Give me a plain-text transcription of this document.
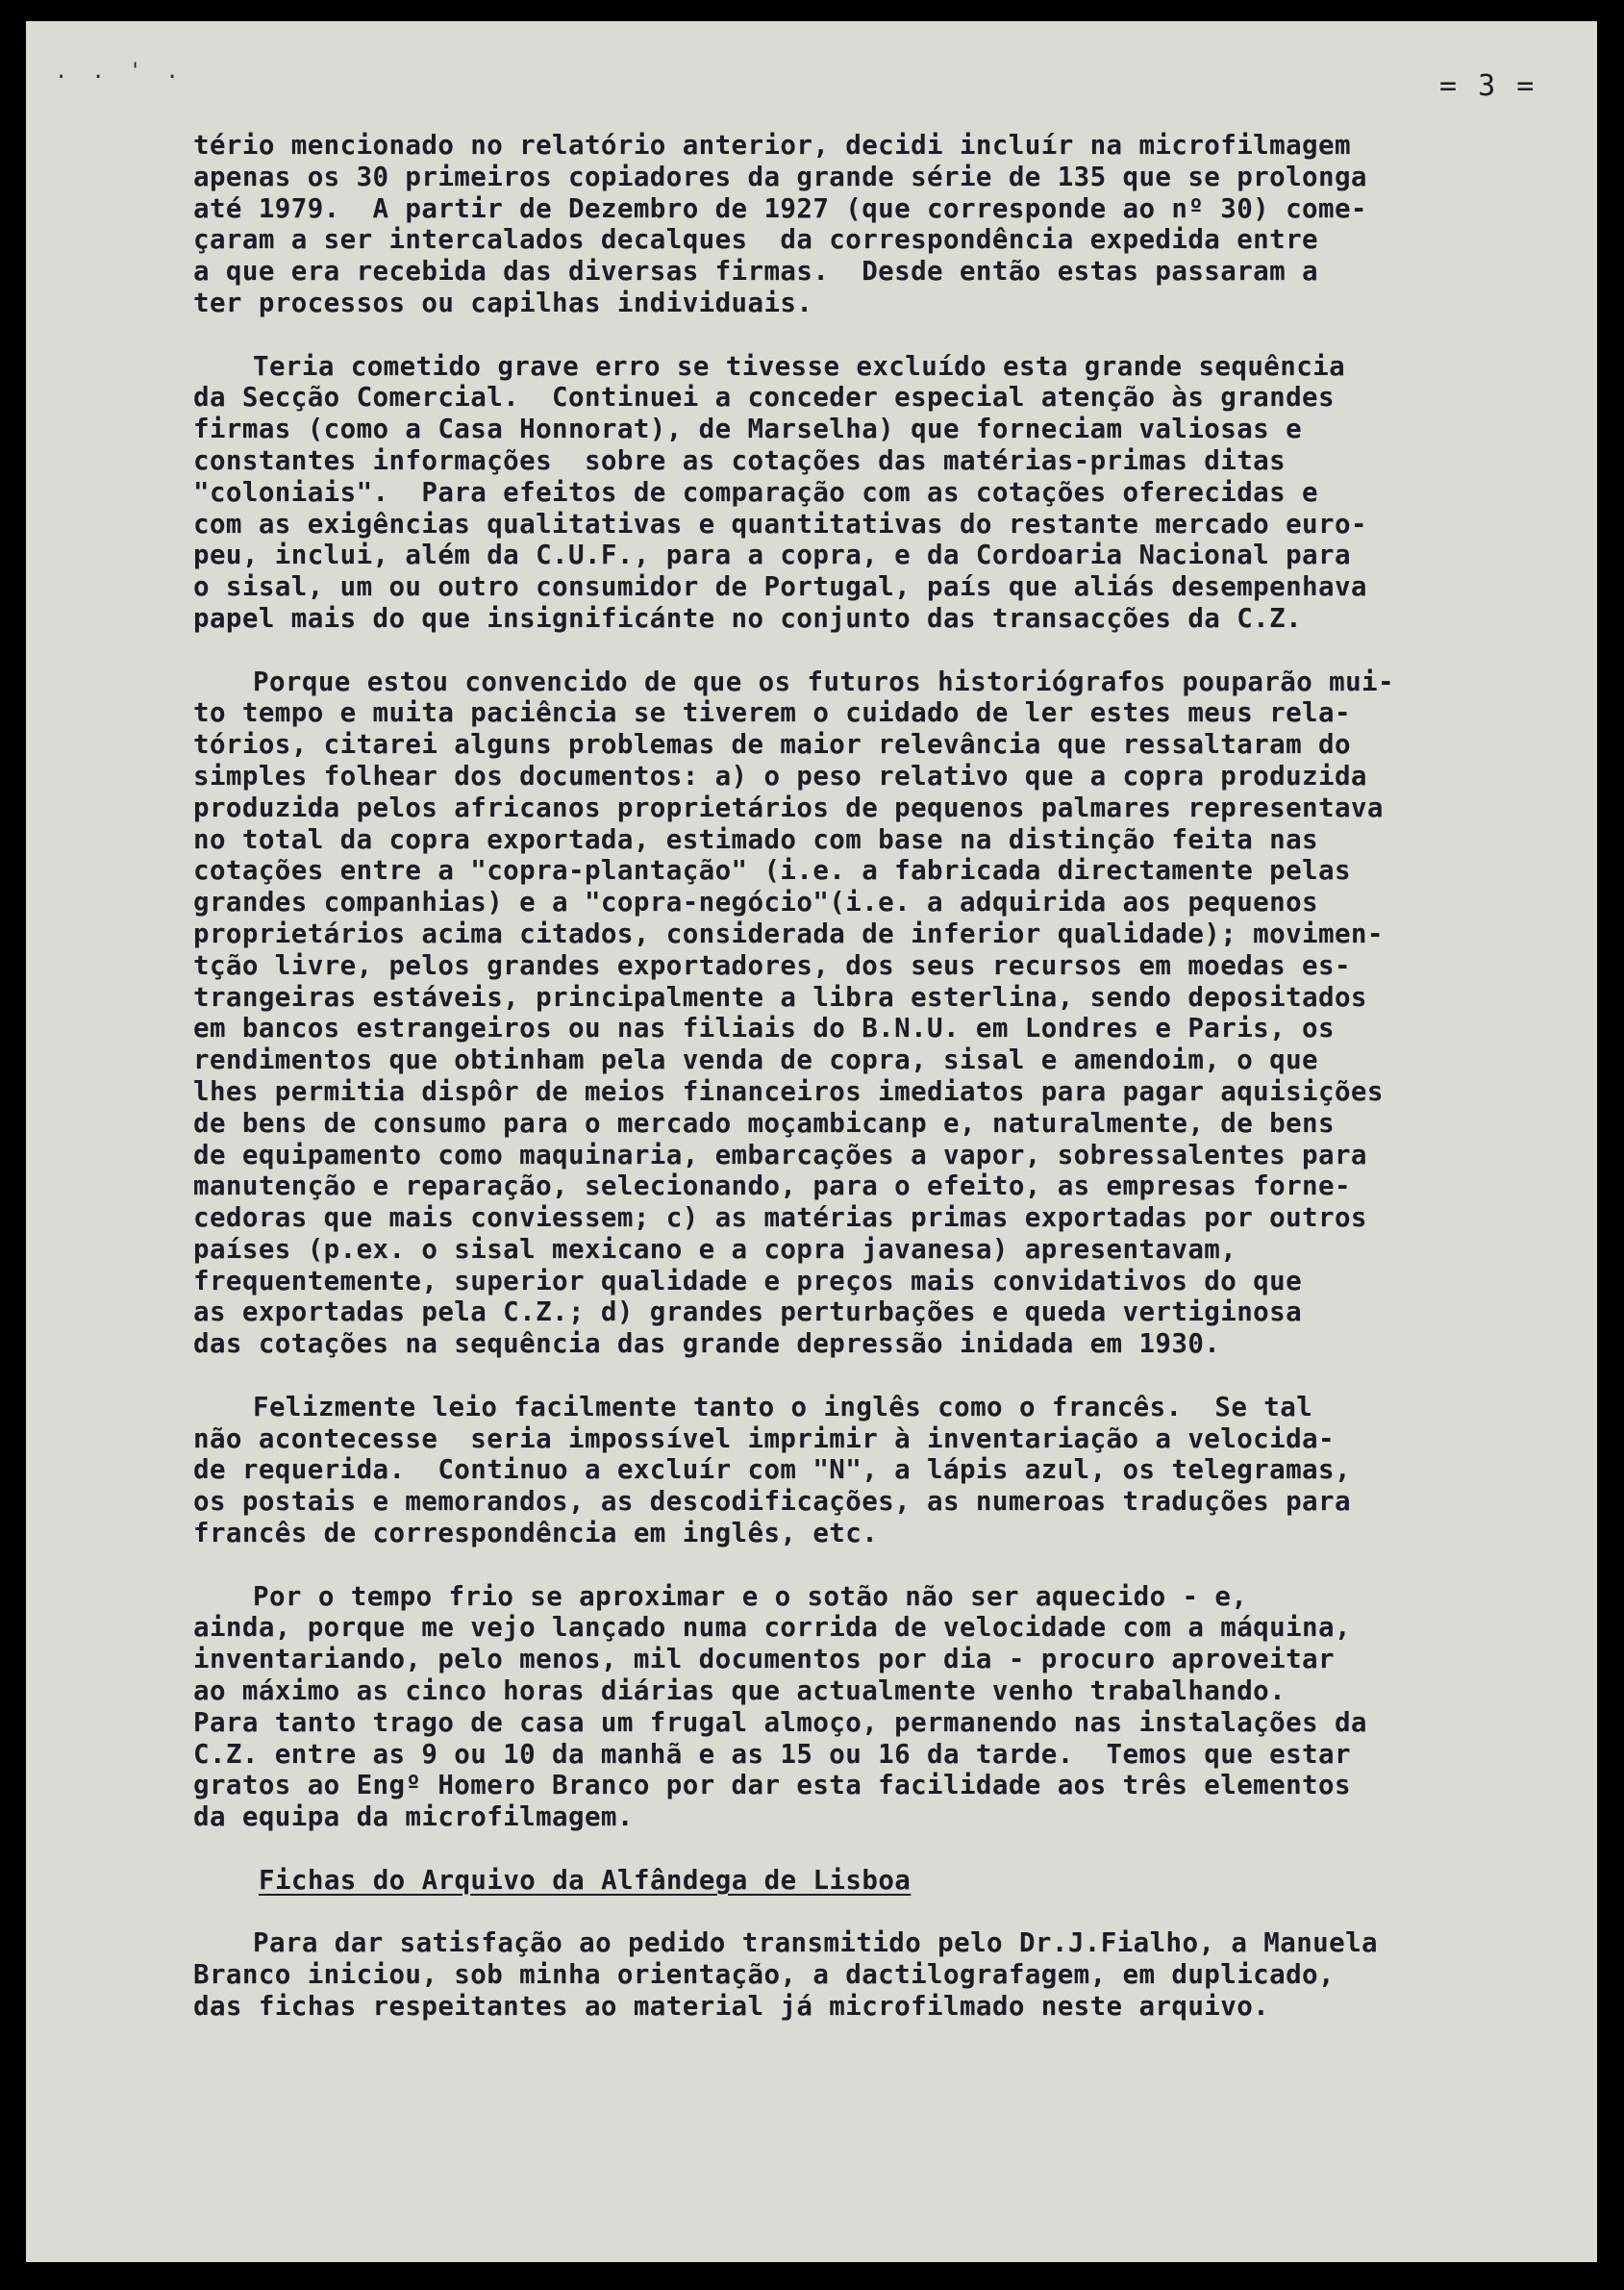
. . ' .	= 3 =
tério mencionado no relatório anterior, decidi incluír na microfilmagem
apenas os 30 primeiros copiadores da grande série de 135 que se prolonga
até 1979.  A partir de Dezembro de 1927 (que corresponde ao nº 30) come-
çaram a ser intercalados decalques  da correspondência expedida entre
a que era recebida das diversas firmas.  Desde então estas passaram a
ter processos ou capilhas individuais.
Teria cometido grave erro se tivesse excluído esta grande sequência
da Secção Comercial.  Continuei a conceder especial atenção às grandes
firmas (como a Casa Honnorat), de Marselha) que forneciam valiosas e
constantes informações  sobre as cotações das matérias-primas ditas
"coloniais".  Para efeitos de comparação com as cotações oferecidas e
com as exigências qualitativas e quantitativas do restante mercado euro-
peu, inclui, além da C.U.F., para a copra, e da Cordoaria Nacional para
o sisal, um ou outro consumidor de Portugal, país que aliás desempenhava
papel mais do que insignificánte no conjunto das transacções da C.Z.
Porque estou convencido de que os futuros historiógrafos pouparão mui-
to tempo e muita paciência se tiverem o cuidado de ler estes meus rela-
tórios, citarei alguns problemas de maior relevância que ressaltaram do
simples folhear dos documentos: a) o peso relativo que a copra produzida
produzida pelos africanos proprietários de pequenos palmares representava
no total da copra exportada, estimado com base na distinção feita nas
cotações entre a "copra-plantação" (i.e. a fabricada directamente pelas
grandes companhias) e a "copra-negócio"(i.e. a adquirida aos pequenos
proprietários acima citados, considerada de inferior qualidade); movimen-
tção livre, pelos grandes exportadores, dos seus recursos em moedas es-
trangeiras estáveis, principalmente a libra esterlina, sendo depositados
em bancos estrangeiros ou nas filiais do B.N.U. em Londres e Paris, os
rendimentos que obtinham pela venda de copra, sisal e amendoim, o que
lhes permitia dispôr de meios financeiros imediatos para pagar aquisições
de bens de consumo para o mercado moçambicanp e, naturalmente, de bens
de equipamento como maquinaria, embarcações a vapor, sobressalentes para
manutenção e reparação, selecionando, para o efeito, as empresas forne-
cedoras que mais conviessem; c) as matérias primas exportadas por outros
países (p.ex. o sisal mexicano e a copra javanesa) apresentavam,
frequentemente, superior qualidade e preços mais convidativos do que
as exportadas pela C.Z.; d) grandes perturbações e queda vertiginosa
das cotações na sequência das grande depressão inidada em 1930.
Felizmente leio facilmente tanto o inglês como o francês.  Se tal
não acontecesse  seria impossível imprimir à inventariação a velocida-
de requerida.  Continuo a excluír com "N", a lápis azul, os telegramas,
os postais e memorandos, as descodificações, as numeroas traduções para
francês de correspondência em inglês, etc.
Por o tempo frio se aproximar e o sotão não ser aquecido - e,
ainda, porque me vejo lançado numa corrida de velocidade com a máquina,
inventariando, pelo menos, mil documentos por dia - procuro aproveitar
ao máximo as cinco horas diárias que actualmente venho trabalhando.
Para tanto trago de casa um frugal almoço, permanendo nas instalações da
C.Z. entre as 9 ou 10 da manhã e as 15 ou 16 da tarde.  Temos que estar
gratos ao Engº Homero Branco por dar esta facilidade aos três elementos
da equipa da microfilmagem.
Fichas do Arquivo da Alfândega de Lisboa
Para dar satisfação ao pedido transmitido pelo Dr.J.Fialho, a Manuela
Branco iniciou, sob minha orientação, a dactilografagem, em duplicado,
das fichas respeitantes ao material já microfilmado neste arquivo.
